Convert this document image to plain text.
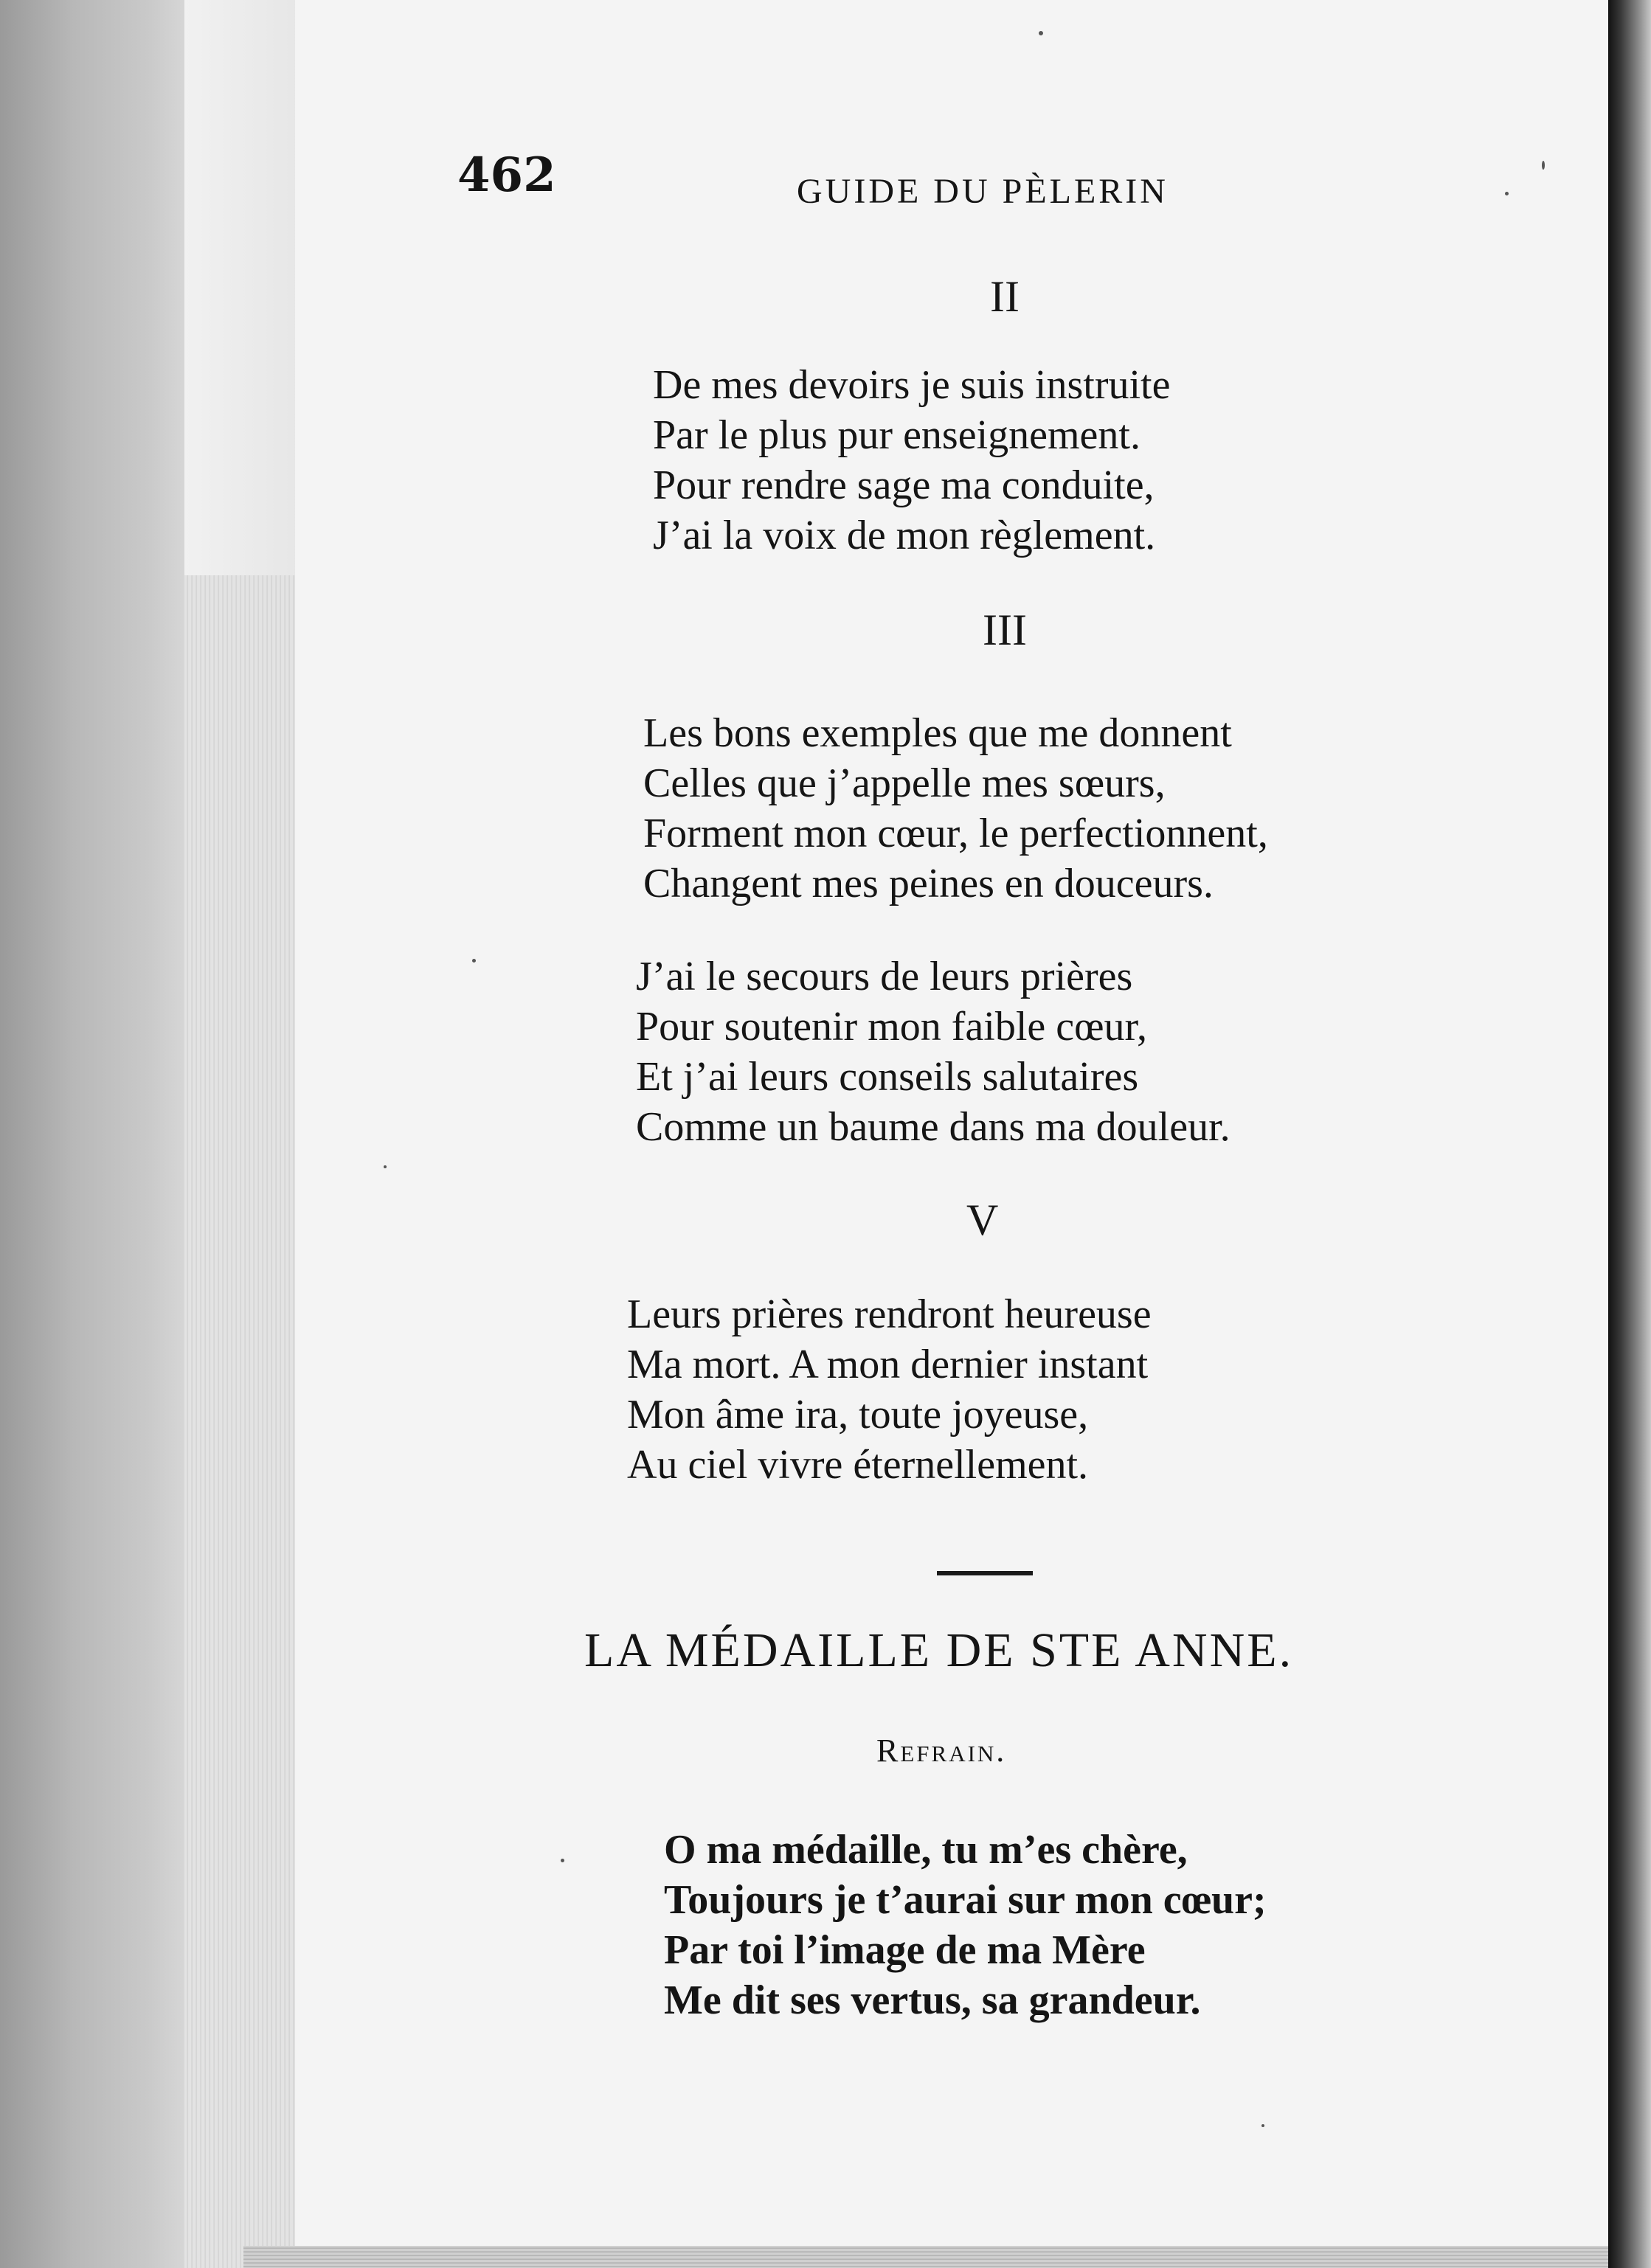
462	GUIDE DU PÈLERIN

II

De mes devoirs je suis instruite
Par le plus pur enseignement.
Pour rendre sage ma conduite,
J’ai la voix de mon règlement.

III

Les bons exemples que me donnent
Celles que j’appelle mes sœurs,
Forment mon cœur, le perfectionnent,
Changent mes peines en douceurs.
J’ai le secours de leurs prières
Pour soutenir mon faible cœur,
Et j’ai leurs conseils salutaires
Comme un baume dans ma douleur.

V

Leurs prières rendront heureuse
Ma mort. A mon dernier instant
Mon âme ira, toute joyeuse,
Au ciel vivre éternellement.

LA MÉDAILLE DE STE ANNE.

Refrain.

O ma médaille, tu m’es chère,
Toujours je t’aurai sur mon cœur;
Par toi l’image de ma Mère
Me dit ses vertus, sa grandeur.
